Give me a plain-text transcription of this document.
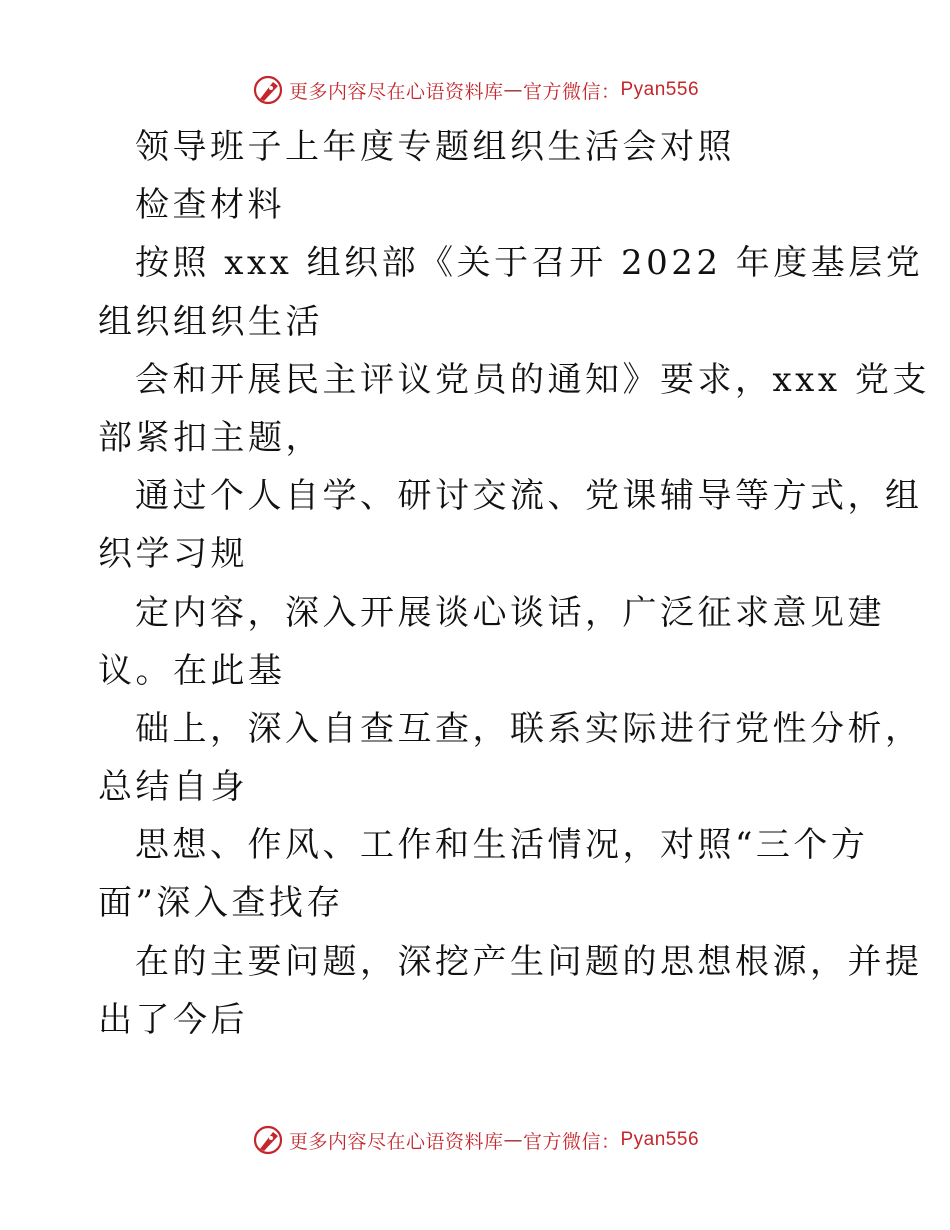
更多内容尽在心语资料库 — 官方微信： Pyan556
领导班子上年度专题组织生活会对照
检查材料
按照 xxx 组织部《关于召开 2022 年度基层党
组织组织生活
会和开展民主评议党员的通知》要求，xxx 党支
部紧扣主题，
通过个人自学、研讨交流、党课辅导等方式，组
织学习规
定内容，深入开展谈心谈话，广泛征求意见建
议。在此基
础上，深入自查互查，联系实际进行党性分析，
总结自身
思想、作风、工作和生活情况，对照“三个方
面”深入查找存
在的主要问题，深挖产生问题的思想根源，并提
出了今后
更多内容尽在心语资料库 — 官方微信： Pyan556
